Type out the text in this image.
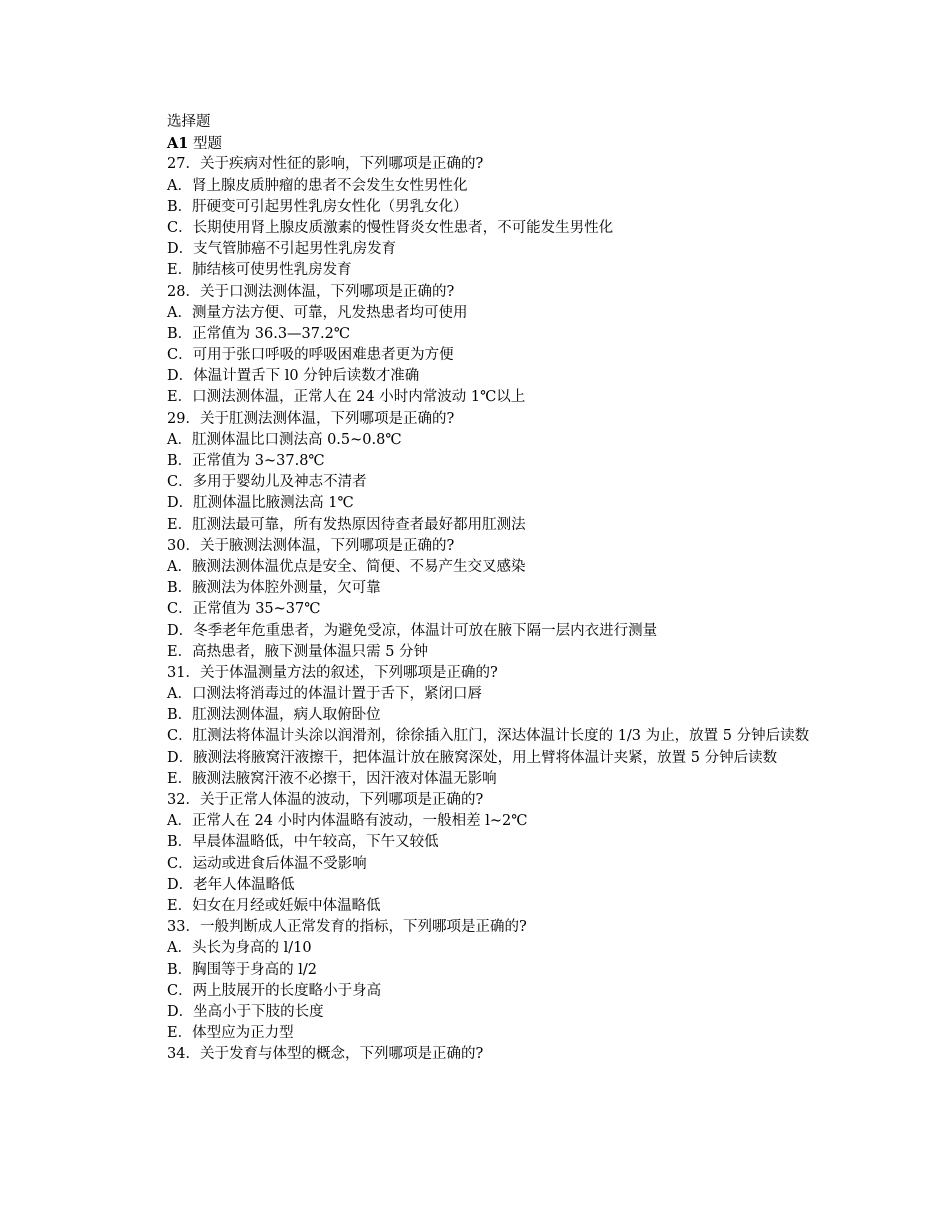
选择题
A1 型题
27．关于疾病对性征的影响，下列哪项是正确的?
A．肾上腺皮质肿瘤的患者不会发生女性男性化
B．肝硬变可引起男性乳房女性化（男乳女化）
C．长期使用肾上腺皮质激素的慢性肾炎女性患者，不可能发生男性化
D．支气管肺癌不引起男性乳房发育
E．肺结核可使男性乳房发育
28．关于口测法测体温，下列哪项是正确的?
A．测量方法方便、可靠，凡发热患者均可使用
B．正常值为 36.3—37.2℃
C．可用于张口呼吸的呼吸困难患者更为方便
D．体温计置舌下 l0 分钟后读数才准确
E．口测法测体温，正常人在 24 小时内常波动 1℃以上
29．关于肛测法测体温，下列哪项是正确的?
A．肛测体温比口测法高 0.5~0.8℃
B．正常值为 3~37.8℃
C．多用于婴幼儿及神志不清者
D．肛测体温比腋测法高 1℃
E．肛测法最可靠，所有发热原因待查者最好都用肛测法
30．关于腋测法测体温，下列哪项是正确的?
A．腋测法测体温优点是安全、简便、不易产生交叉感染
B．腋测法为体腔外测量，欠可靠
C．正常值为 35~37℃
D．冬季老年危重患者，为避免受凉，体温计可放在腋下隔一层内衣进行测量
E．高热患者，腋下测量体温只需 5 分钟
31．关于体温测量方法的叙述，下列哪项是正确的?
A．口测法将消毒过的体温计置于舌下，紧闭口唇
B．肛测法测体温，病人取俯卧位
C．肛测法将体温计头涂以润滑剂，徐徐插入肛门，深达体温计长度的 1/3 为止，放置 5 分钟后读数
D．腋测法将腋窝汗液擦干，把体温计放在腋窝深处，用上臂将体温计夹紧，放置 5 分钟后读数
E．腋测法腋窝汗液不必擦干，因汗液对体温无影响
32．关于正常人体温的波动，下列哪项是正确的?
A．正常人在 24 小时内体温略有波动，一般相差 l~2℃
B．早晨体温略低，中午较高，下午又较低
C．运动或进食后体温不受影响
D．老年人体温略低
E．妇女在月经或妊娠中体温略低
33．一般判断成人正常发育的指标，下列哪项是正确的?
A．头长为身高的 l/10
B．胸围等于身高的 l/2
C．两上肢展开的长度略小于身高
D．坐高小于下肢的长度
E．体型应为正力型
34．关于发育与体型的概念，下列哪项是正确的?
